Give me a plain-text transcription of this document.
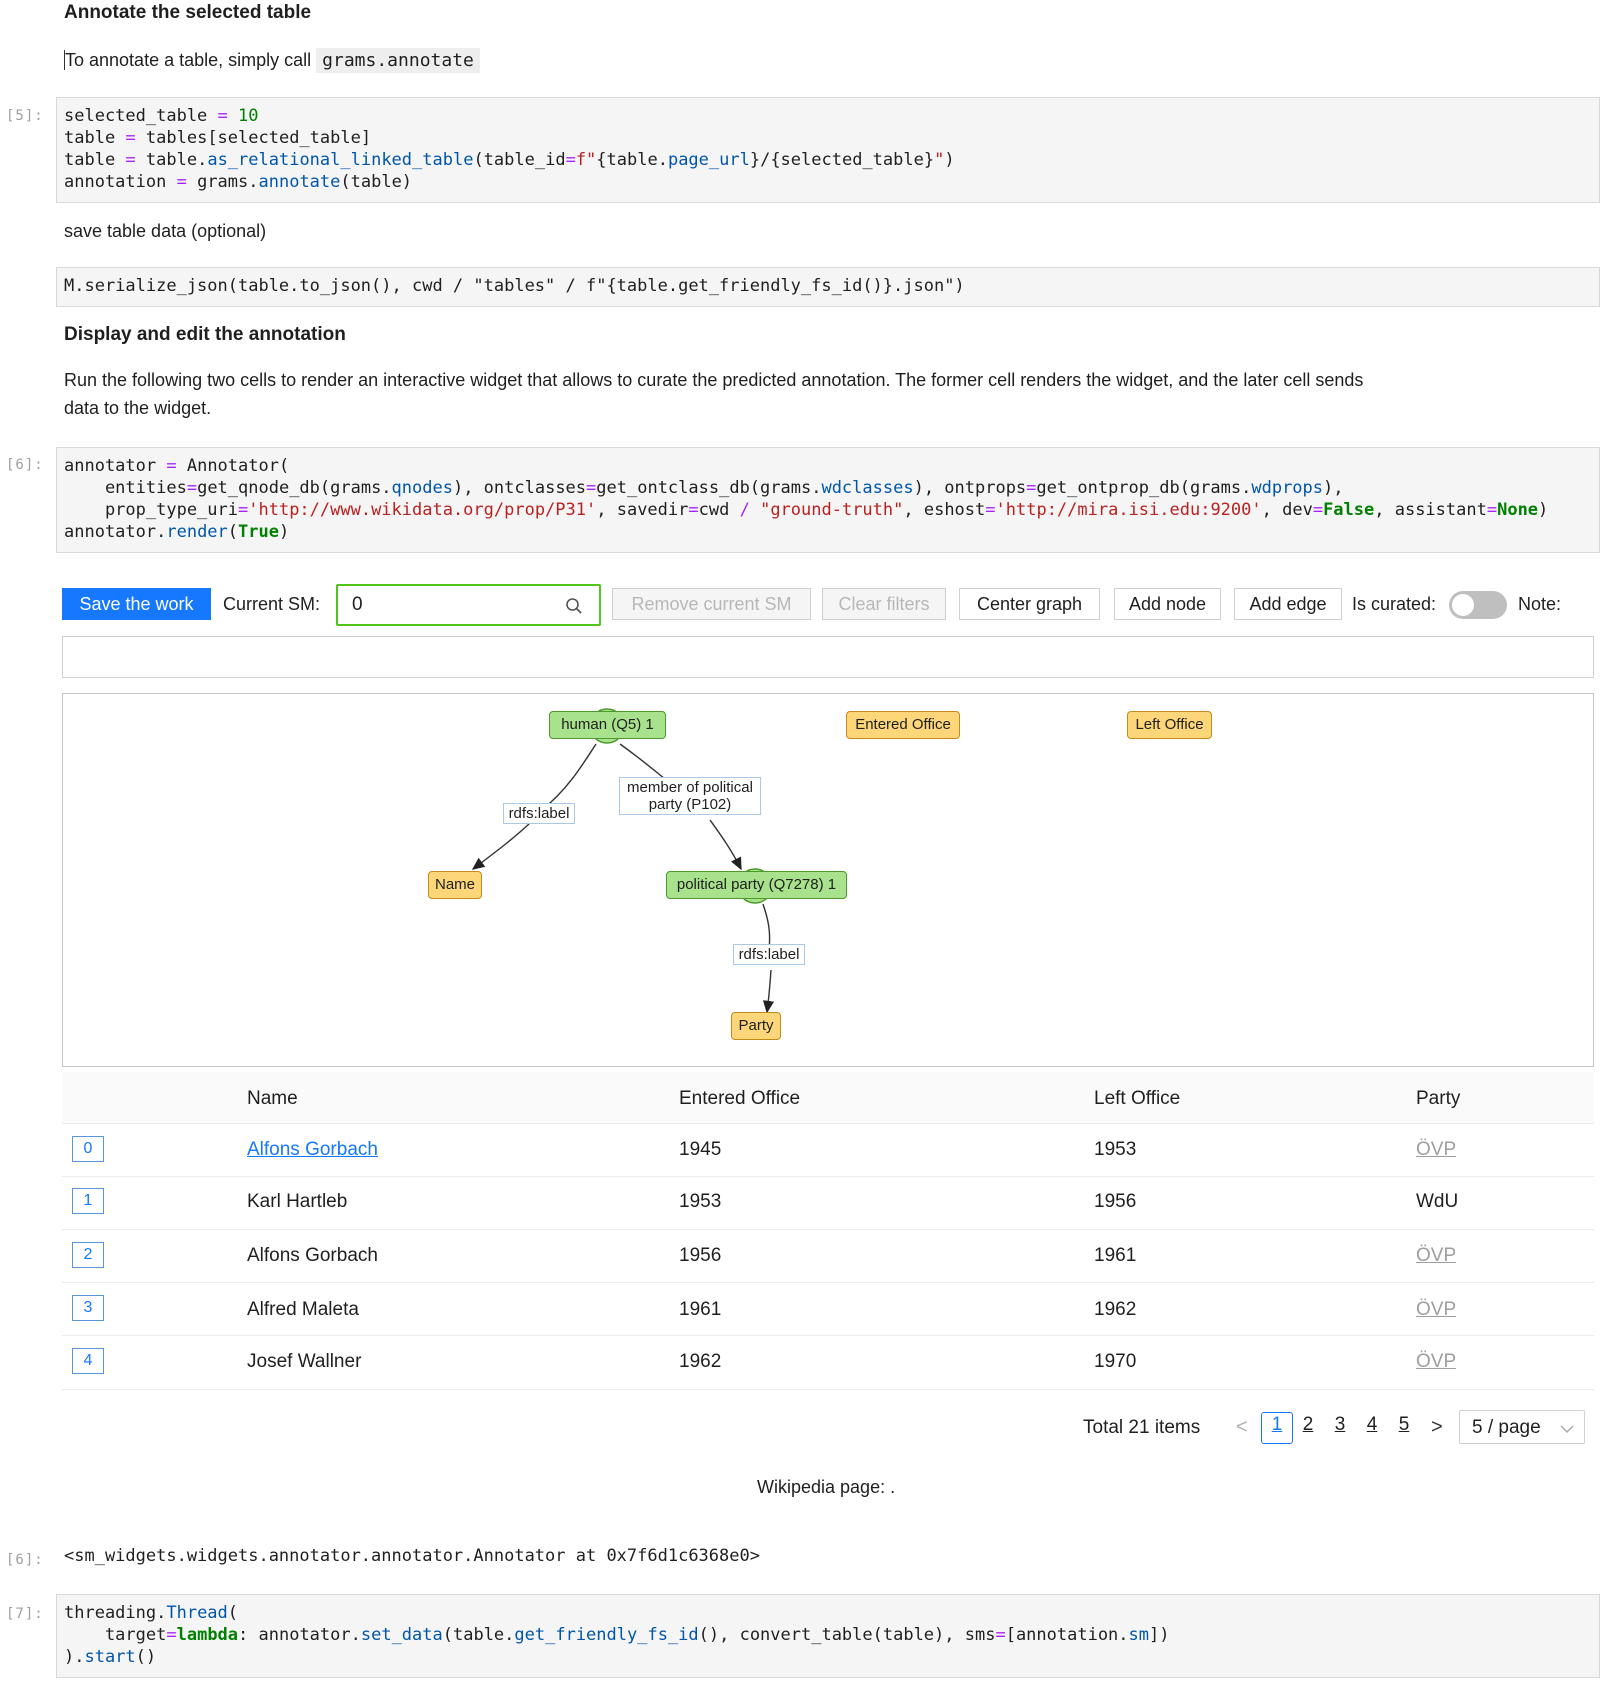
Annotate the selected table
To annotate a table, simply call grams.annotate
[5]:	selected_table = 10
table = tables[selected_table]
table = table.as_relational_linked_table(table_id=f"{table.page_url}/{selected_table}")
annotation = grams.annotate(table)
save table data (optional)
M.serialize_json(table.to_json(), cwd / "tables" / f"{table.get_friendly_fs_id()}.json")
Display and edit the annotation
Run the following two cells to render an interactive widget that allows to curate the predicted annotation. The former cell renders the widget, and the later cell sends
data to the widget.
[6]:	annotator = Annotator(
entities=get_qnode_db(grams.qnodes), ontclasses=get_ontclass_db(grams.wdclasses), ontprops=get_ontprop_db(grams.wdprops),
prop_type_uri='http://www.wikidata.org/prop/P31', savedir=cwd / "ground-truth", eshost='http://mira.isi.edu:9200', dev=False, assistant=None)
annotator.render(True)
Save the work	Current SM: 0	Remove current SM	Clear filters	Center graph	Add node	Add edge	Is curated:	Note:
human (Q5) 1	Entered Office	Left Office
Name	political party (Q7278) 1
Party
rdfs:label
member of political
party (P102)
rdfs:label
Name	Entered Office	Left Office	Party
0	Alfons Gorbach	1945	1953	ÖVP
1	Karl Hartleb	1953	1956	WdU
2	Alfons Gorbach	1956	1961	ÖVP
3	Alfred Maleta	1961	1962	ÖVP
4	Josef Wallner	1962	1970	ÖVP
Total 21 items <	1	2	3	4	5	> 5 / page
Wikipedia page: .
[6]:	<sm_widgets.widgets.annotator.annotator.Annotator at 0x7f6d1c6368e0>
[7]:	threading.Thread(
target=lambda: annotator.set_data(table.get_friendly_fs_id(), convert_table(table), sms=[annotation.sm])
).start()
